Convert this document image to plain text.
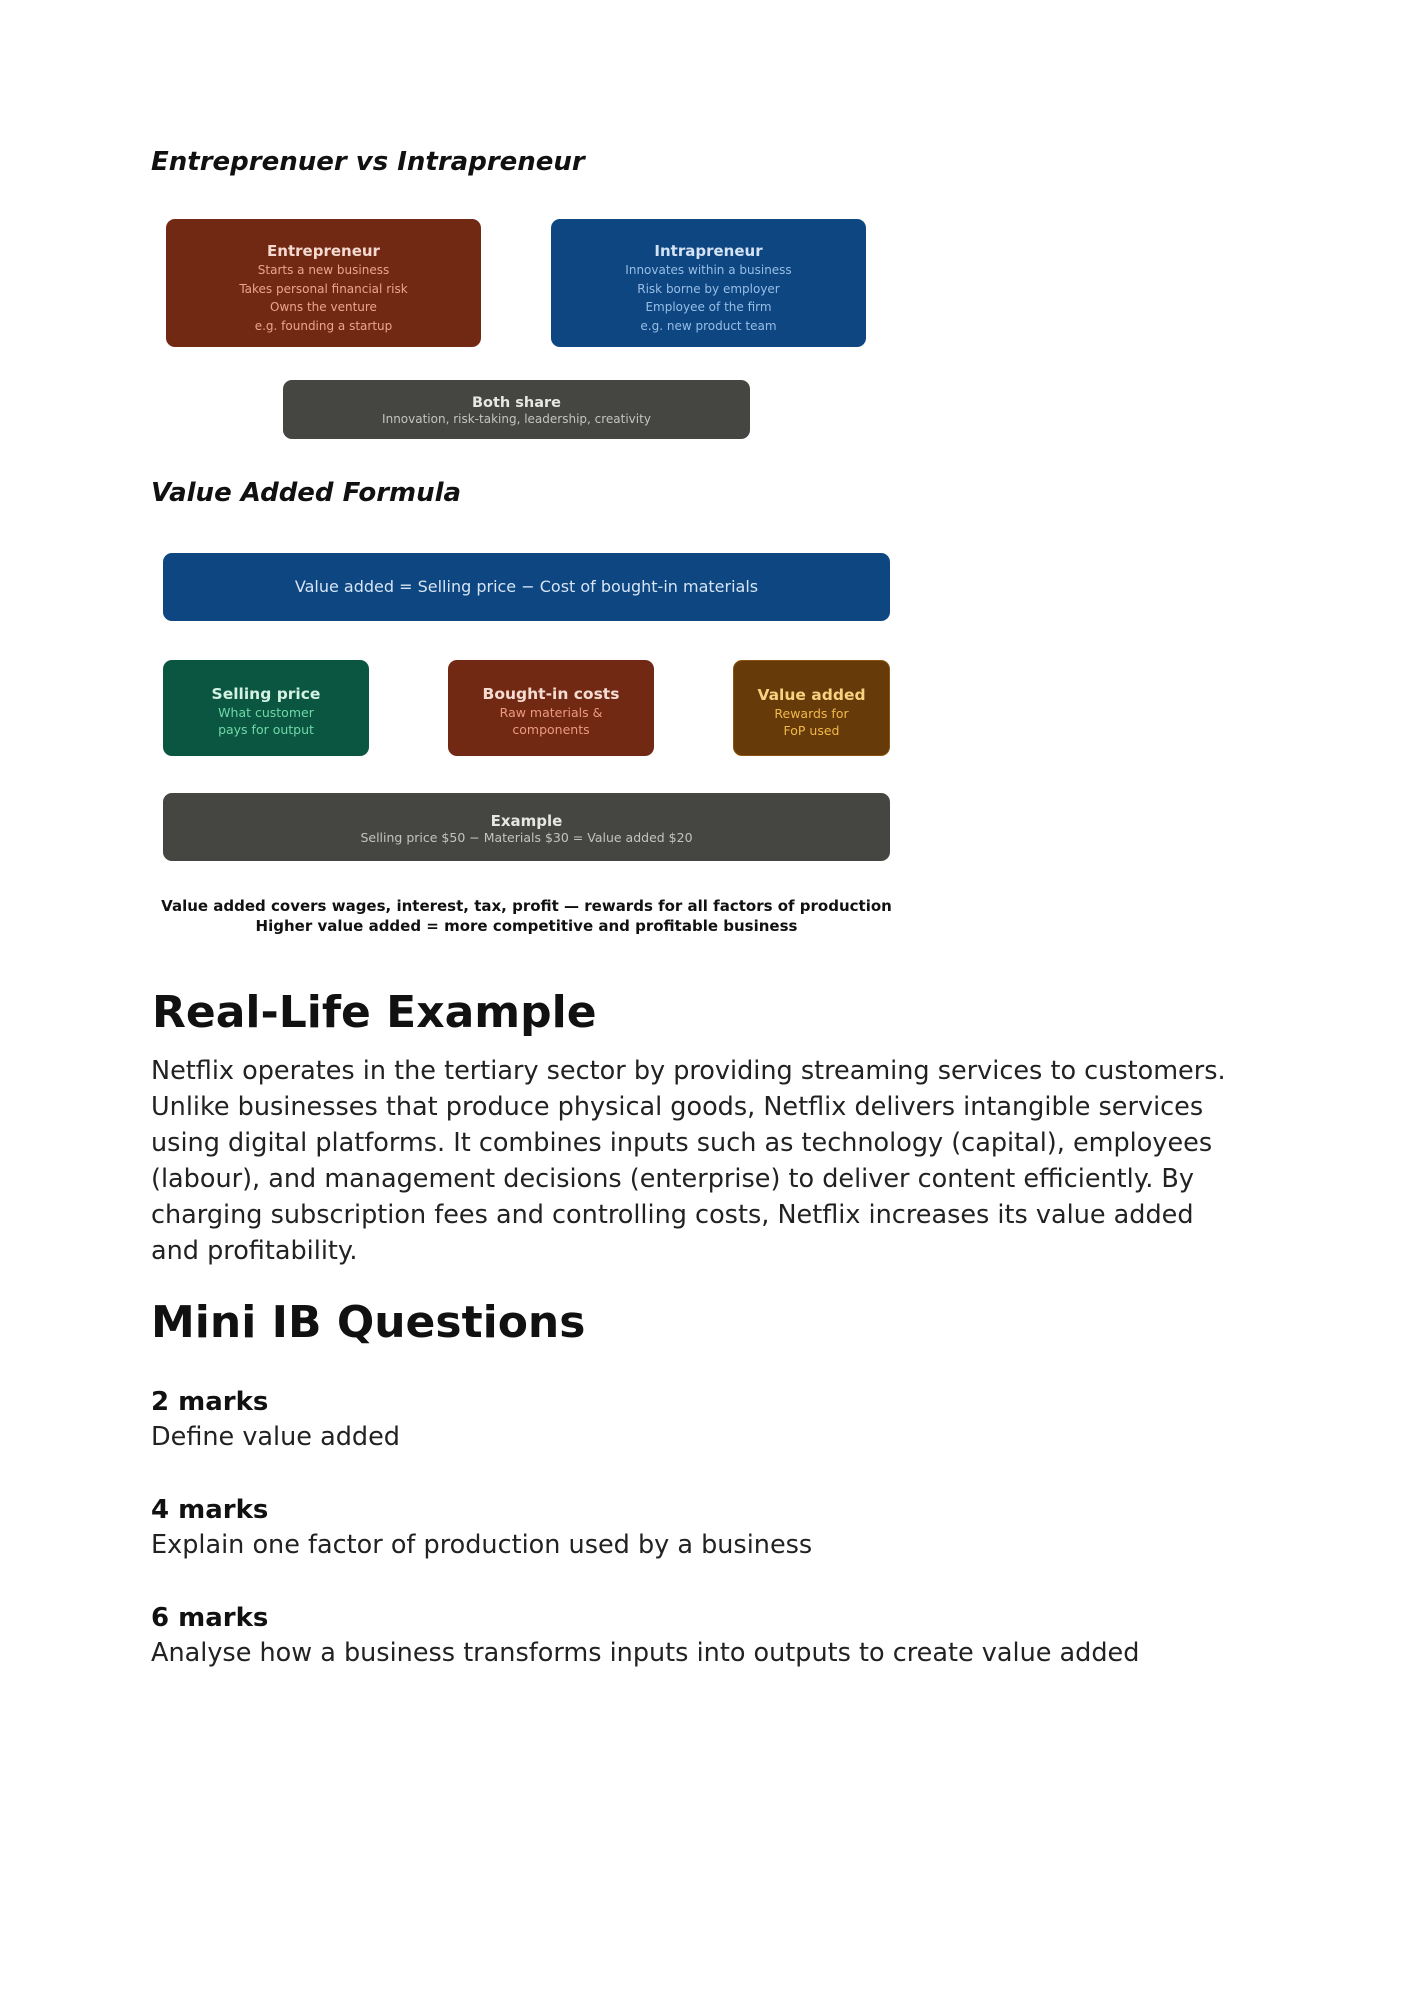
Entreprenuer vs Intrapreneur
Entrepreneur
Starts a new business
Takes personal financial risk
Owns the venture
e.g. founding a startup
Intrapreneur
Innovates within a business
Risk borne by employer
Employee of the firm
e.g. new product team
Both share
Innovation, risk-taking, leadership, creativity
Value Added Formula
Value added = Selling price − Cost of bought-in materials
Selling price
What customer
pays for output
Bought-in costs
Raw materials &
components
Value added
Rewards for
FoP used
Example
Selling price $50 − Materials $30 = Value added $20
Value added covers wages, interest, tax, profit — rewards for all factors of production
Higher value added = more competitive and profitable business
Real-Life Example
Netflix operates in the tertiary sector by providing streaming services to customers.
Unlike businesses that produce physical goods, Netflix delivers intangible services
using digital platforms. It combines inputs such as technology (capital), employees
(labour), and management decisions (enterprise) to deliver content efficiently. By
charging subscription fees and controlling costs, Netflix increases its value added
and profitability.
Mini IB Questions
2 marks
Define value added
4 marks
Explain one factor of production used by a business
6 marks
Analyse how a business transforms inputs into outputs to create value added
